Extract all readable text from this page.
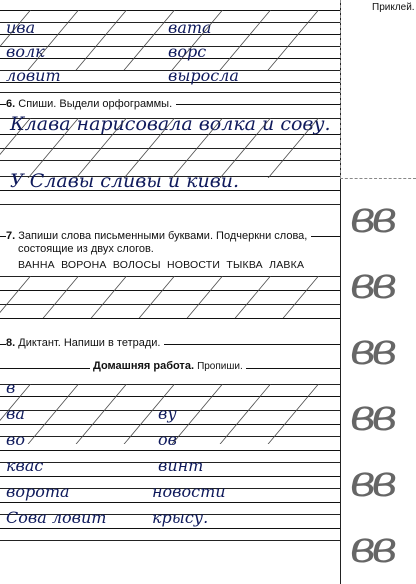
ива	вата
волк	ворс
ловит	выросла
6. Спиши. Выдели орфограммы.
Клава нарисовала волка и сову.
У Славы сливы и киви.
7. Запиши слова письменными буквами. Подчеркни слова,
состоящие из двух слогов.
ВАННА ВОРОНА ВОЛОСЫ НОВОСТИ ТЫКВА ЛАВКА
8. Диктант. Напиши в тетради.
Домашняя работа. Пропиши.
в
ва	ву
во	ов
квас	винт
ворота	новости
Сова ловит	крысу.
Приклей.
вв
вв
вв
вв
вв
вв
